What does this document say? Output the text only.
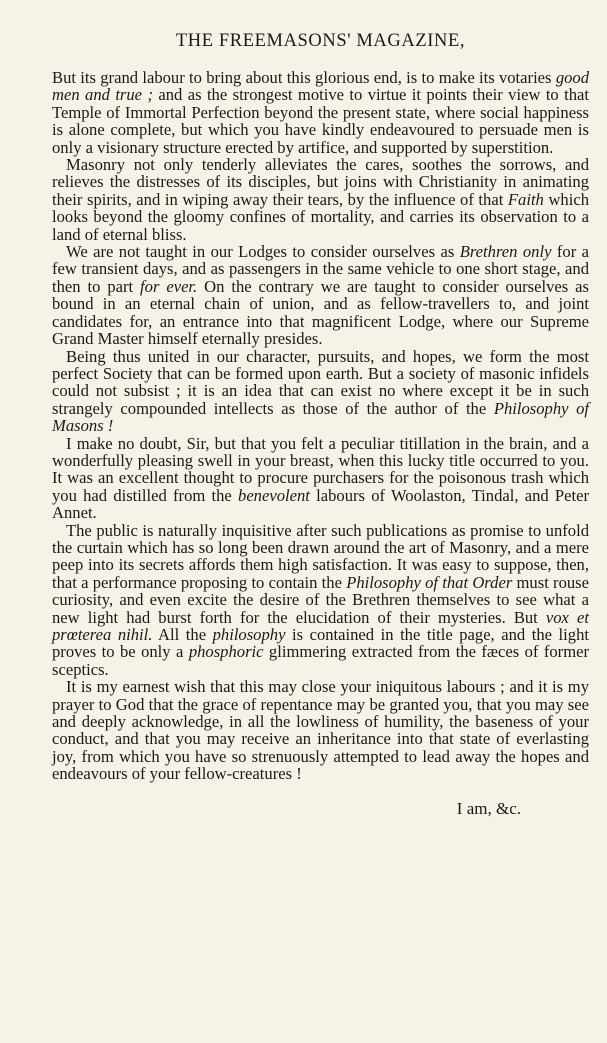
THE FREEMASONS' MAGAZINE,

But its grand labour to bring about this glorious end, is to make its votaries good men and true ; and as the strongest motive to virtue it points their view to that Temple of Immortal Perfection beyond the present state, where social happiness is alone complete, but which you have kindly endeavoured to persuade men is only a visionary structure erected by artifice, and supported by superstition.

Masonry not only tenderly alleviates the cares, soothes the sorrows, and relieves the distresses of its disciples, but joins with Christianity in animating their spirits, and in wiping away their tears, by the influence of that Faith which looks beyond the gloomy confines of mortality, and carries its observation to a land of eternal bliss.

We are not taught in our Lodges to consider ourselves as Brethren only for a few transient days, and as passengers in the same vehicle to one short stage, and then to part for ever. On the contrary we are taught to consider ourselves as bound in an eternal chain of union, and as fellow-travellers to, and joint candidates for, an entrance into that magnificent Lodge, where our Supreme Grand Master himself eternally presides.

Being thus united in our character, pursuits, and hopes, we form the most perfect Society that can be formed upon earth. But a society of masonic infidels could not subsist ; it is an idea that can exist no where except it be in such strangely compounded intellects as those of the author of the Philosophy of Masons !

I make no doubt, Sir, but that you felt a peculiar titillation in the brain, and a wonderfully pleasing swell in your breast, when this lucky title occurred to you. It was an excellent thought to procure purchasers for the poisonous trash which you had distilled from the benevolent labours of Woolaston, Tindal, and Peter Annet.

The public is naturally inquisitive after such publications as promise to unfold the curtain which has so long been drawn around the art of Masonry, and a mere peep into its secrets affords them high satisfaction. It was easy to suppose, then, that a performance proposing to contain the Philosophy of that Order must rouse curiosity, and even excite the desire of the Brethren themselves to see what a new light had burst forth for the elucidation of their mysteries. But vox et prœterea nihil. All the philosophy is contained in the title page, and the light proves to be only a phosphoric glimmering extracted from the fæces of former sceptics.

It is my earnest wish that this may close your iniquitous labours ; and it is my prayer to God that the grace of repentance may be granted you, that you may see and deeply acknowledge, in all the lowliness of humility, the baseness of your conduct, and that you may receive an inheritance into that state of everlasting joy, from which you have so strenuously attempted to lead away the hopes and endeavours of your fellow-creatures !

I am, &c.
